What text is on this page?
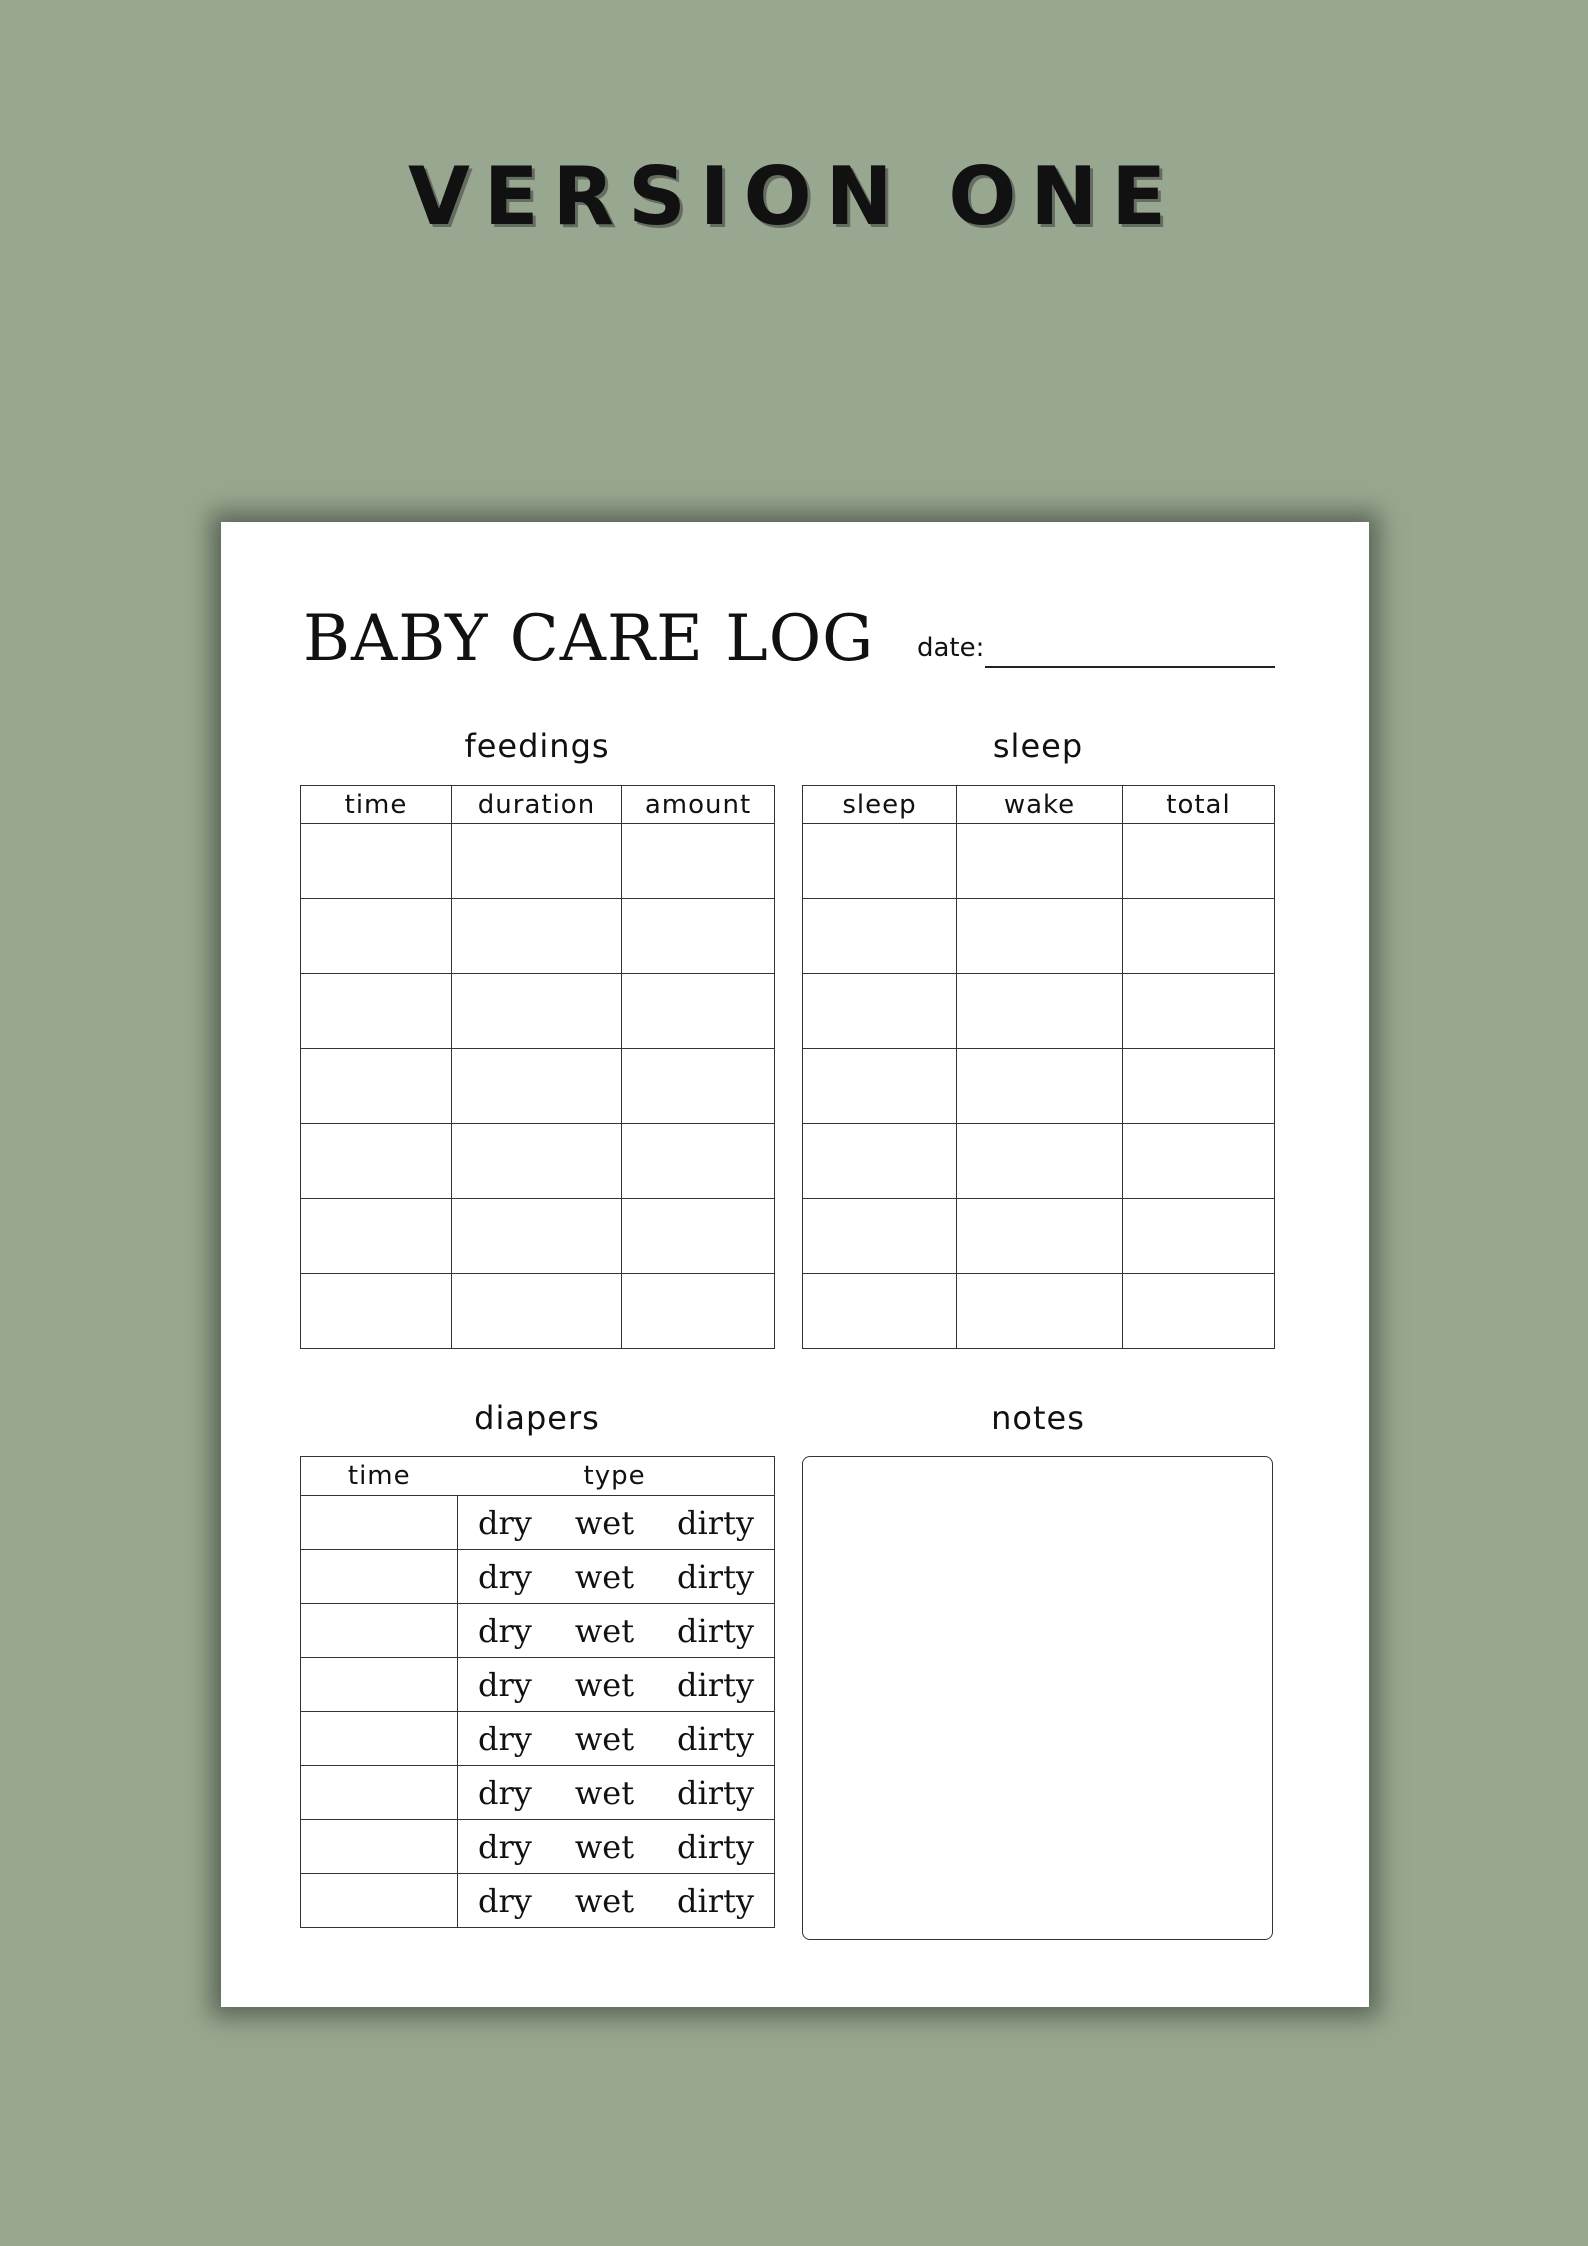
VERSION ONE
BABY CARE LOG date:
feedings
time	duration	amount

sleep
sleep	wake	total

diapers
time	type

	dry wet dirty

	dry wet dirty

	dry wet dirty

	dry wet dirty

	dry wet dirty

	dry wet dirty

	dry wet dirty

	dry wet dirty
notes
